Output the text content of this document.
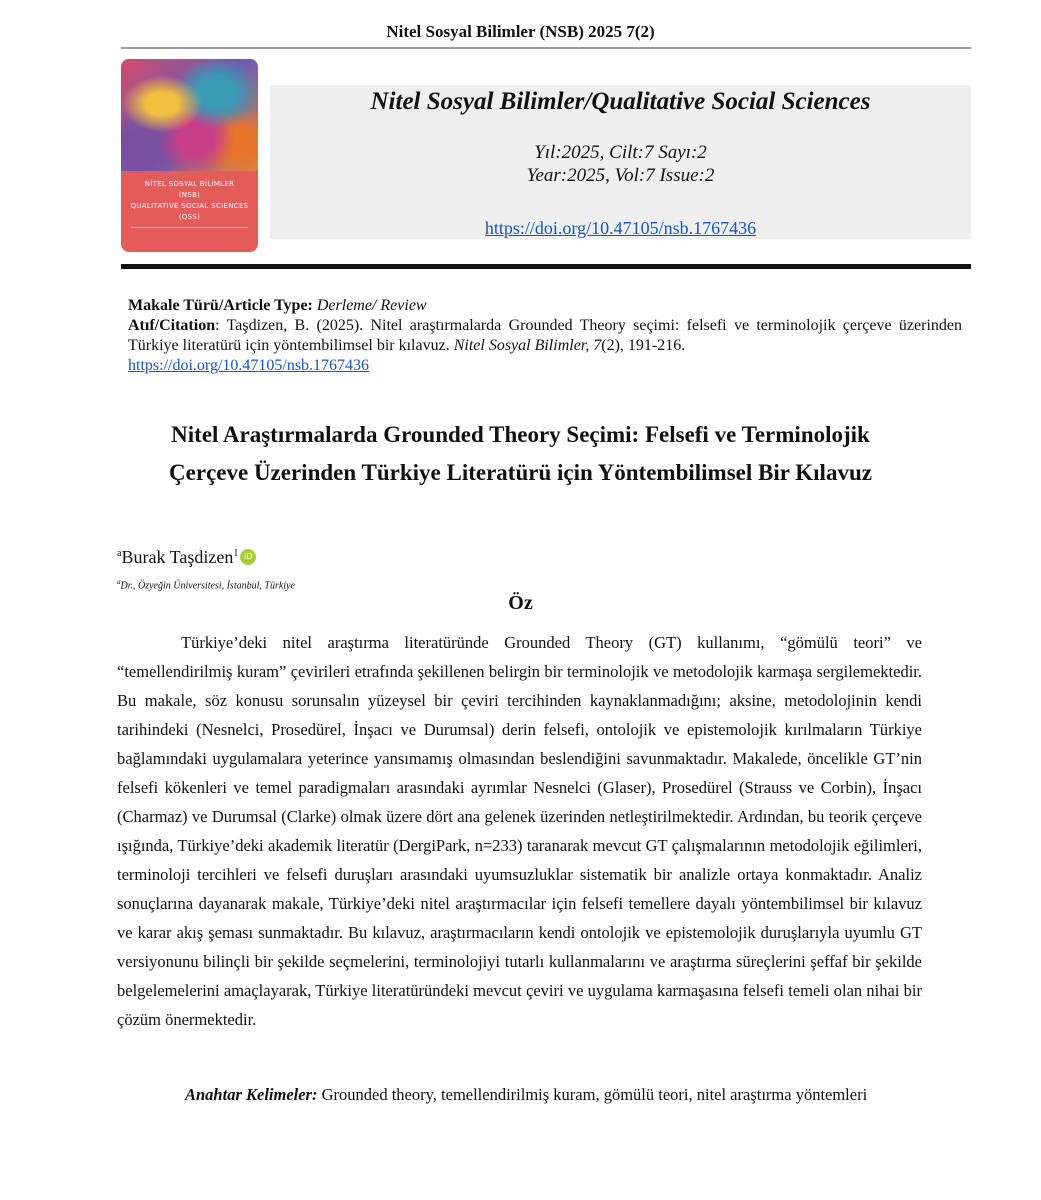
Nitel Sosyal Bilimler (NSB) 2025 7(2)
NİTEL SOSYAL BİLİMLER
(NSB)
QUALITATIVE SOCIAL SCIENCES
(QSS)
Nitel Sosyal Bilimler/Qualitative Social Sciences
Yıl:2025, Cilt:7 Sayı:2
Year:2025, Vol:7 Issue:2
https://doi.org/10.47105/nsb.1767436
Makale Türü/Article Type: Derleme/ Review
Atıf/Citation: Taşdizen, B. (2025). Nitel araştırmalarda Grounded Theory seçimi: felsefi ve terminolojik çerçeve üzerinden Türkiye literatürü için yöntembilimsel bir kılavuz. Nitel Sosyal Bilimler, 7(2), 191-216.
https://doi.org/10.47105/nsb.1767436
Nitel Araştırmalarda Grounded Theory Seçimi: Felsefi ve Terminolojik
Çerçeve Üzerinden Türkiye Literatürü için Yöntembilimsel Bir Kılavuz
$^a$Burak Taşdizen$^1$ iD
$^a$Dr., Özyeğin Üniversitesi, İstanbul, Türkiye
Öz

Türkiye’deki nitel araştırma literatüründe Grounded Theory (GT) kullanımı, “gömülü teori” ve “temellendirilmiş kuram” çevirileri etrafında şekillenen belirgin bir terminolojik ve metodolojik karmaşa sergilemektedir. Bu makale, söz konusu sorunsalın yüzeysel bir çeviri tercihinden kaynaklanmadığını; aksine, metodolojinin kendi tarihindeki (Nesnelci, Prosedürel, İnşacı ve Durumsal) derin felsefi, ontolojik ve epistemolojik kırılmaların Türkiye bağlamındaki uygulamalara yeterince yansımamış olmasından beslendiğini savunmaktadır. Makalede, öncelikle GT’nin felsefi kökenleri ve temel paradigmaları arasındaki ayrımlar Nesnelci (Glaser), Prosedürel (Strauss ve Corbin), İnşacı (Charmaz) ve Durumsal (Clarke) olmak üzere dört ana gelenek üzerinden netleştirilmektedir. Ardından, bu teorik çerçeve ışığında, Türkiye’deki akademik literatür (DergiPark, n=233) taranarak mevcut GT çalışmalarının metodolojik eğilimleri, terminoloji tercihleri ve felsefi duruşları arasındaki uyumsuzluklar sistematik bir analizle ortaya konmaktadır. Analiz sonuçlarına dayanarak makale, Türkiye’deki nitel araştırmacılar için felsefi temellere dayalı yöntembilimsel bir kılavuz ve karar akış şeması sunmaktadır. Bu kılavuz, araştırmacıların kendi ontolojik ve epistemolojik duruşlarıyla uyumlu GT versiyonunu bilinçli bir şekilde seçmelerini, terminolojiyi tutarlı kullanmalarını ve araştırma süreçlerini şeffaf bir şekilde belgelemelerini amaçlayarak, Türkiye literatüründeki mevcut çeviri ve uygulama karmaşasına felsefi temeli olan nihai bir çözüm önermektedir.

Anahtar Kelimeler: Grounded theory, temellendirilmiş kuram, gömülü teori, nitel araştırma yöntemleri
